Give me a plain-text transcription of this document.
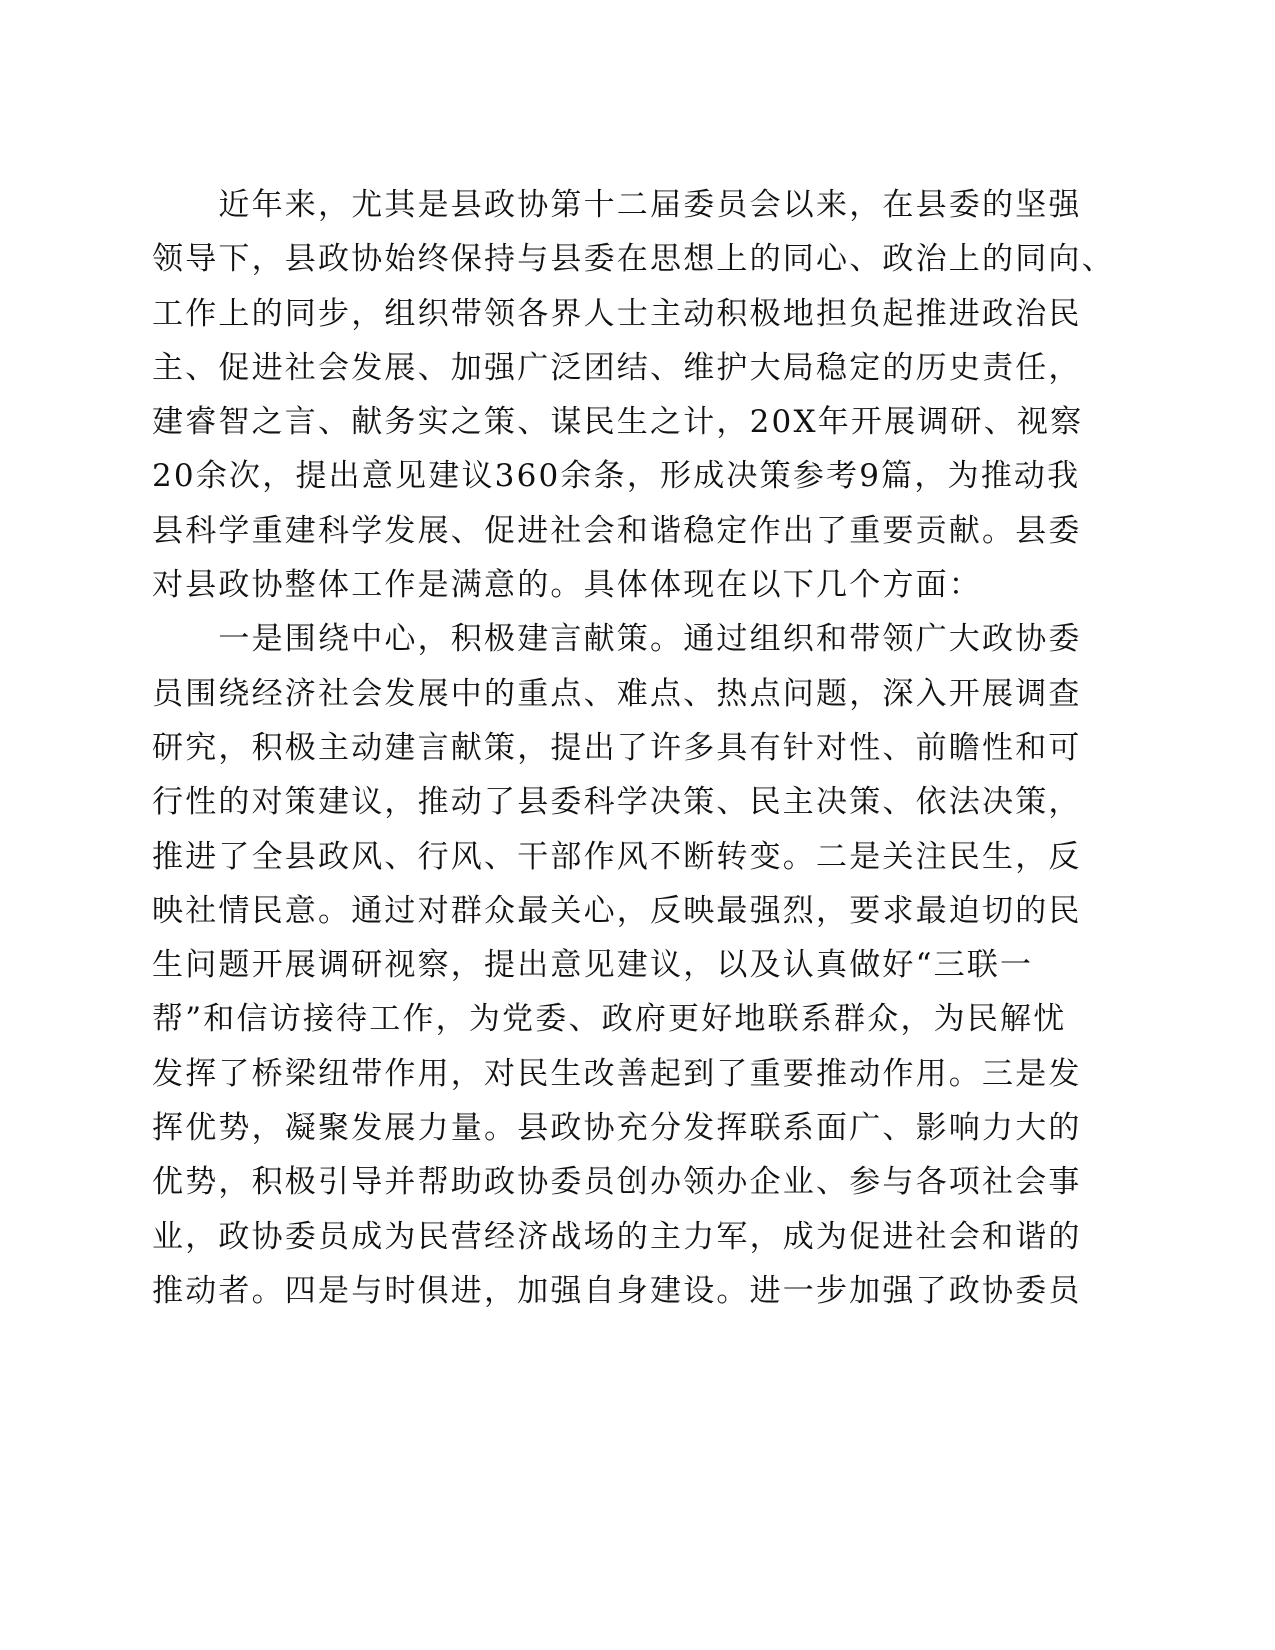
　　近年来，尤其是县政协第十二届委员会以来，在县委的坚强
领导下，县政协始终保持与县委在思想上的同心、政治上的同向、
工作上的同步，组织带领各界人士主动积极地担负起推进政治民
主、促进社会发展、加强广泛团结、维护大局稳定的历史责任，
建睿智之言、献务实之策、谋民生之计，20X年开展调研、视察
20余次，提出意见建议360余条，形成决策参考9篇，为推动我
县科学重建科学发展、促进社会和谐稳定作出了重要贡献。县委
对县政协整体工作是满意的。具体体现在以下几个方面：
　　一是围绕中心，积极建言献策。通过组织和带领广大政协委
员围绕经济社会发展中的重点、难点、热点问题，深入开展调查
研究，积极主动建言献策，提出了许多具有针对性、前瞻性和可
行性的对策建议，推动了县委科学决策、民主决策、依法决策，
推进了全县政风、行风、干部作风不断转变。二是关注民生，反
映社情民意。通过对群众最关心，反映最强烈，要求最迫切的民
生问题开展调研视察，提出意见建议，以及认真做好“三联一
帮”和信访接待工作，为党委、政府更好地联系群众，为民解忧
发挥了桥梁纽带作用，对民生改善起到了重要推动作用。三是发
挥优势，凝聚发展力量。县政协充分发挥联系面广、影响力大的
优势，积极引导并帮助政协委员创办领办企业、参与各项社会事
业，政协委员成为民营经济战场的主力军，成为促进社会和谐的
推动者。四是与时俱进，加强自身建设。进一步加强了政协委员
